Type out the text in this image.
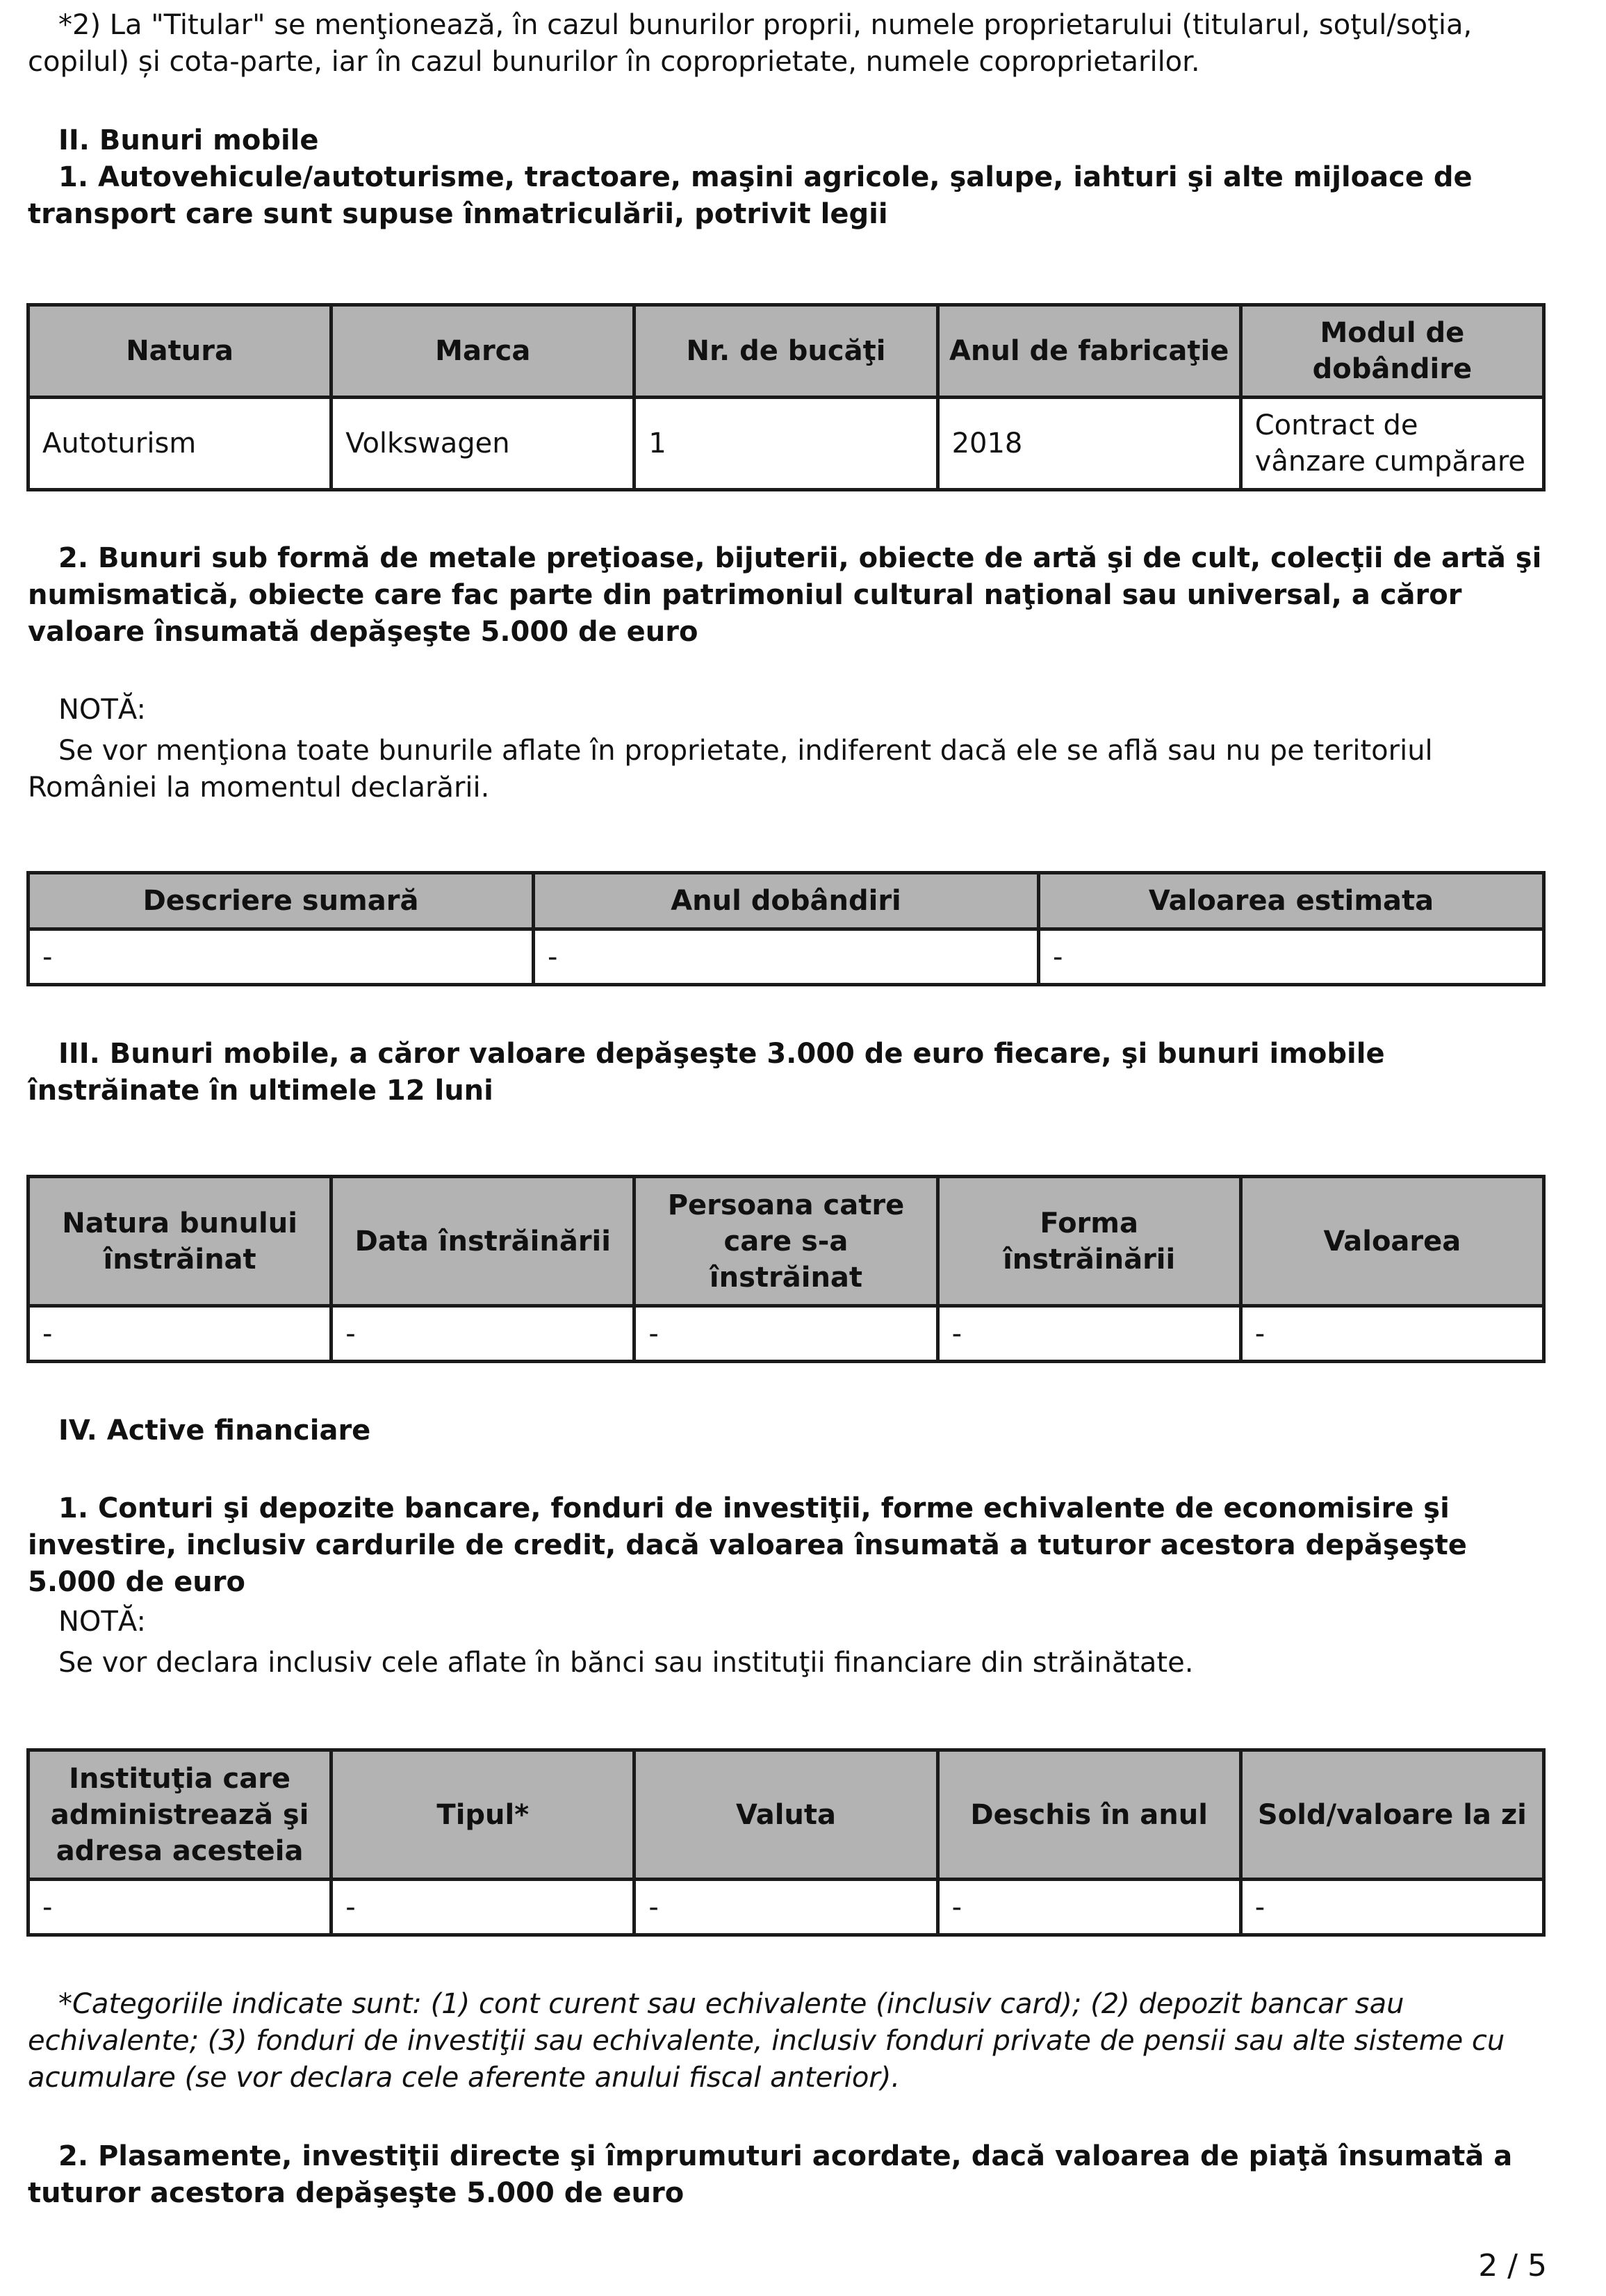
*2) La "Titular" se menţionează, în cazul bunurilor proprii, numele proprietarului (titularul, soţul/soţia, copilul) și cota-parte, iar în cazul bunurilor în coproprietate, numele coproprietarilor.

II. Bunuri mobile

1. Autovehicule/autoturisme, tractoare, maşini agricole, şalupe, iahturi şi alte mijloace de transport care sunt supuse înmatriculării, potrivit legii

Natura	Marca	Nr. de bucăţi	Anul de fabricaţie	Modul de dobândire
Autoturism	Volkswagen	1	2018	Contract de vânzare cumpărare

2. Bunuri sub formă de metale preţioase, bijuterii, obiecte de artă şi de cult, colecţii de artă şi numismatică, obiecte care fac parte din patrimoniul cultural naţional sau universal, a căror valoare însumată depăşeşte 5.000 de euro

NOTĂ:

Se vor menţiona toate bunurile aflate în proprietate, indiferent dacă ele se află sau nu pe teritoriul României la momentul declarării.

Descriere sumară	Anul dobândiri	Valoarea estimata
-	-	-

III. Bunuri mobile, a căror valoare depăşeşte 3.000 de euro fiecare, şi bunuri imobile înstrăinate în ultimele 12 luni

Natura bunului înstrăinat	Data înstrăinării	Persoana catre care s-a înstrăinat	Forma înstrăinării	Valoarea
-	-	-	-	-

IV. Active financiare

1. Conturi şi depozite bancare, fonduri de investiţii, forme echivalente de economisire şi investire, inclusiv cardurile de credit, dacă valoarea însumată a tuturor acestora depăşeşte 5.000 de euro

NOTĂ:

Se vor declara inclusiv cele aflate în bănci sau instituţii financiare din străinătate.

Instituţia care administrează şi adresa acesteia	Tipul*	Valuta	Deschis în anul	Sold/valoare la zi
-	-	-	-	-

*Categoriile indicate sunt: (1) cont curent sau echivalente (inclusiv card); (2) depozit bancar sau echivalente; (3) fonduri de investiţii sau echivalente, inclusiv fonduri private de pensii sau alte sisteme cu acumulare (se vor declara cele aferente anului fiscal anterior).

2. Plasamente, investiţii directe şi împrumuturi acordate, dacă valoarea de piaţă însumată a tuturor acestora depăşeşte 5.000 de euro

2 / 5
